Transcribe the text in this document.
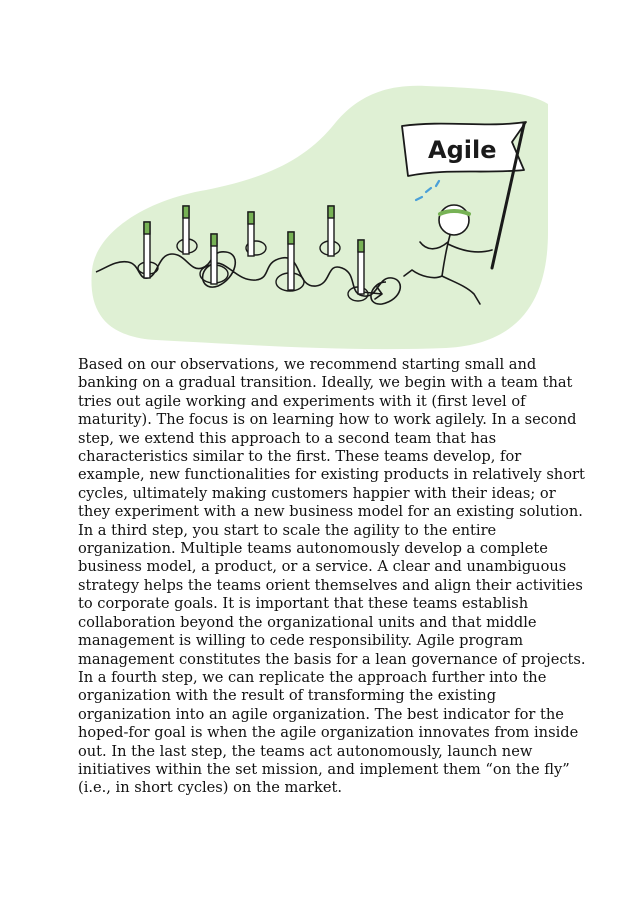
Agile

Based on our observations, we recommend starting small and
banking on a gradual transition. Ideally, we begin with a team that
tries out agile working and experiments with it (first level of
maturity). The focus is on learning how to work agilely. In a second
step, we extend this approach to a second team that has
characteristics similar to the first. These teams develop, for
example, new functionalities for existing products in relatively short
cycles, ultimately making customers happier with their ideas; or
they experiment with a new business model for an existing solution.
In a third step, you start to scale the agility to the entire
organization. Multiple teams autonomously develop a complete
business model, a product, or a service. A clear and unambiguous
strategy helps the teams orient themselves and align their activities
to corporate goals. It is important that these teams establish
collaboration beyond the organizational units and that middle
management is willing to cede responsibility. Agile program
management constitutes the basis for a lean governance of projects.
In a fourth step, we can replicate the approach further into the
organization with the result of transforming the existing
organization into an agile organization. The best indicator for the
hoped-for goal is when the agile organization innovates from inside
out. In the last step, the teams act autonomously, launch new
initiatives within the set mission, and implement them “on the fly”
(i.e., in short cycles) on the market.
